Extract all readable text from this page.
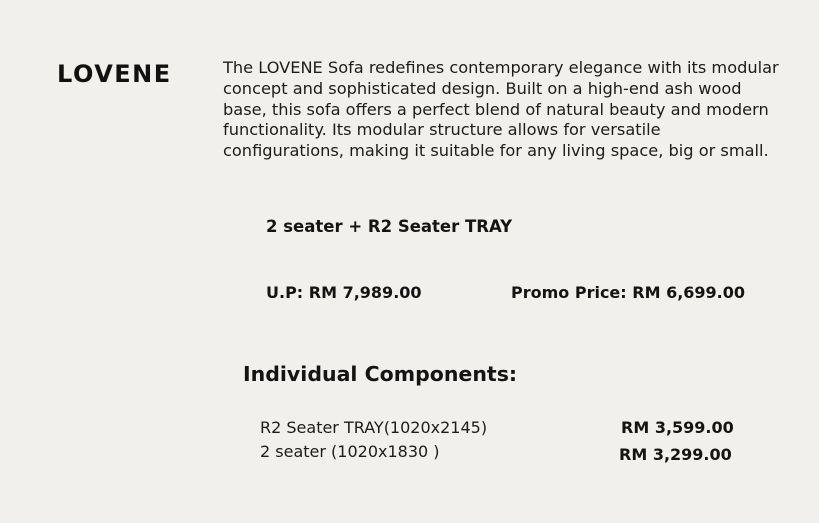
LOVENE	The LOVENE Sofa redefines contemporary elegance with its modular concept and sophisticated design. Built on a high-end ash wood base, this sofa offers a perfect blend of natural beauty and modern functionality. Its modular structure allows for versatile configurations, making it suitable for any living space, big or small.

2 seater + R2 Seater TRAY
U.P: RM 7,989.00	Promo Price: RM 6,699.00
Individual Components:
R2 Seater TRAY(1020x2145)	RM 3,599.00
2 seater (1020x1830 )	RM 3,299.00
